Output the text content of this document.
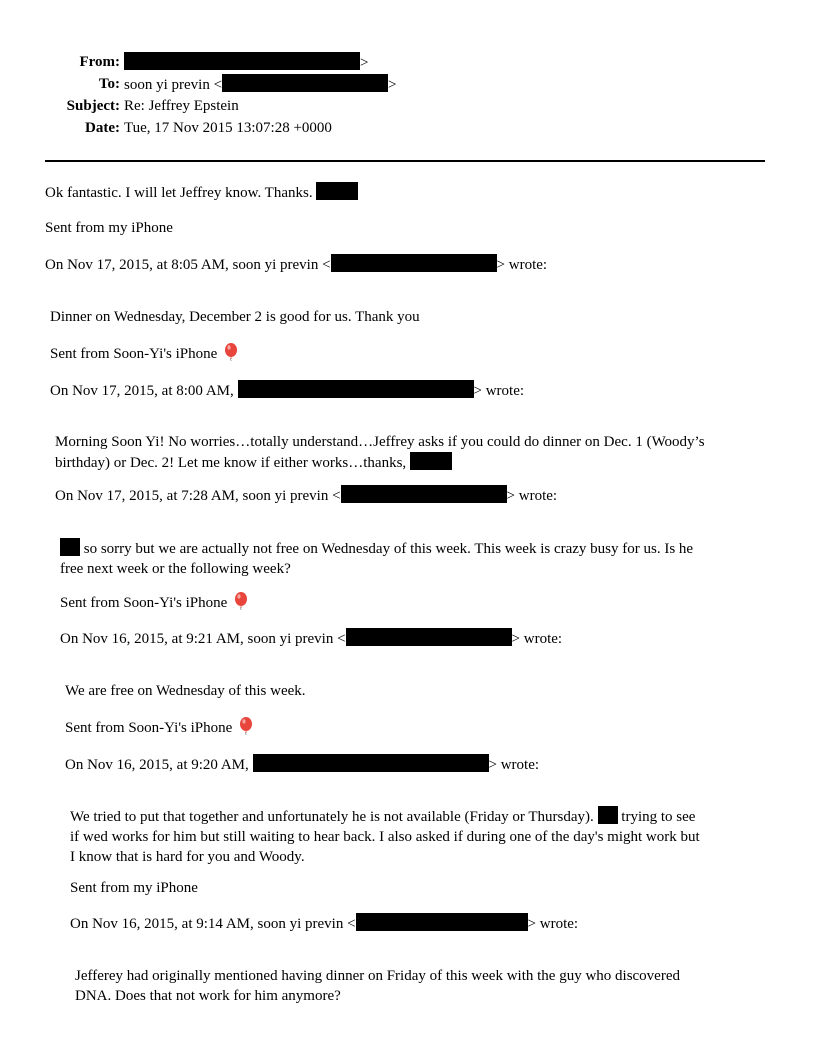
From:	>
To: soon yi previn <	>
Subject: Re: Jeffrey Epstein
Date: Tue, 17 Nov 2015 13:07:28 +0000
Ok fantastic. I will let Jeffrey know. Thanks.
Sent from my iPhone
On Nov 17, 2015, at 8:05 AM, soon yi previn <	> wrote:
Dinner on Wednesday, December 2 is good for us. Thank you
Sent from Soon-Yi's iPhone
On Nov 17, 2015, at 8:00 AM,	> wrote:
Morning Soon Yi! No worries…totally understand…Jeffrey asks if you could do dinner on Dec. 1 (Woody’s
birthday) or Dec. 2! Let me know if either works…thanks,
On Nov 17, 2015, at 7:28 AM, soon yi previn <	> wrote:
so sorry but we are actually not free on Wednesday of this week. This week is crazy busy for us. Is he
free next week or the following week?
Sent from Soon-Yi's iPhone
On Nov 16, 2015, at 9:21 AM, soon yi previn <	> wrote:
We are free on Wednesday of this week.
Sent from Soon-Yi's iPhone
On Nov 16, 2015, at 9:20 AM,	> wrote:
We tried to put that together and unfortunately he is not available (Friday or Thursday). trying to see
if wed works for him but still waiting to hear back. I also asked if during one of the day's might work but
I know that is hard for you and Woody.
Sent from my iPhone
On Nov 16, 2015, at 9:14 AM, soon yi previn <	> wrote:
Jefferey had originally mentioned having dinner on Friday of this week with the guy who discovered
DNA. Does that not work for him anymore?
